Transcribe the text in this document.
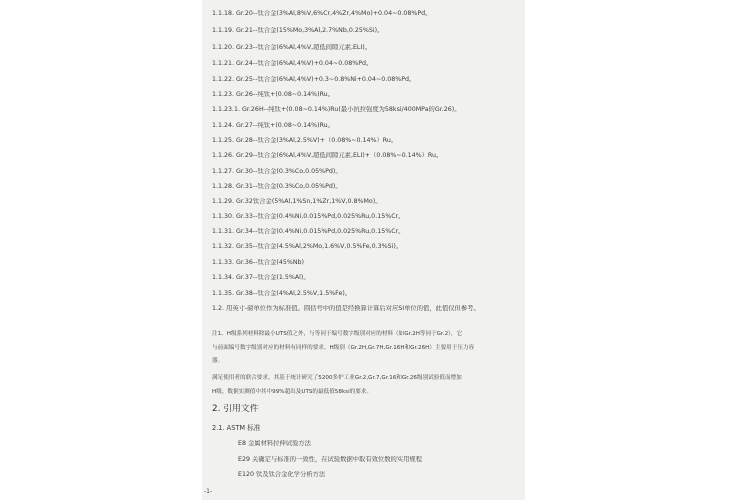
1.1.18. Gr.20--钛合金(3%Al,8%V,6%Cr,4%Zr,4%Mo)+0.04~0.08%Pd。

1.1.19. Gr.21--钛合金(15%Mo,3%Al,2.7%Nb,0.25%Si)。

1.1.20. Gr.23--钛合金(6%Al,4%V,超低间隙元素,ELI)。

1.1.21. Gr.24--钛合金(6%Al,4%V)+0.04~0.08%Pd。

1.1.22. Gr.25--钛合金(6%Al,4%V)+0.3~0.8%Ni+0.04~0.08%Pd。

1.1.23. Gr.26--纯钛+(0.08~0.14%)Ru。

1.1.23.1. Gr.26H--纯钛+(0.08~0.14%)Ru(最小抗拉强度为58ksi/400MPa的Gr.26)。

1.1.24. Gr.27--纯钛+(0.08~0.14%)Ru。

1.1.25. Gr.28--钛合金(3%Al,2.5%V)+（0.08%~0.14%）Ru。

1.1.26. Gr.29--钛合金(6%Al,4%V,超低间隙元素,ELI)+（0.08%~0.14%）Ru。

1.1.27. Gr.30--钛合金(0.3%Co,0.05%Pd)。

1.1.28. Gr.31--钛合金(0.3%Co,0.05%Pd)。

1.1.29. Gr.32钛合金(5%Al,1%Sn,1%Zr,1%V,0.8%Mo)。

1.1.30. Gr.33--钛合金(0.4%Ni,0.015%Pd,0.025%Ru,0.15%Cr。

1.1.31. Gr.34--钛合金(0.4%Ni,0.015%Pd,0.025%Ru,0.15%Cr。

1.1.32. Gr.35--钛合金(4.5%Al,2%Mo,1.6%V,0.5%Fe,0.3%Si)。

1.1.33. Gr.36--钛合金(45%Nb)

1.1.34. Gr.37--钛合金(1.5%Al)。

1.1.35. Gr.38--钛合金(4%Al,2.5%V,1.5%Fe)。

1.2. 用英寸-磅单位作为标准值。圆括号中的值是经换算计算后对应SI单位的值，此值仅但参考。

注1、H级系列材料除最小UTS值之外，与等同于编号数字级别对应的材料（如Gr.2H等同于Gr.2），它

与前面编号数字级别对应的材料有同样的要求。H级别（Gr.2H,Gr.7H,Gr.16H和Gr.26H）主要用于压力容

器。

满足使用者的联合要求，其基于统计研究了5200多炉工业Gr.2,Gr.7,Gr.16和Gr.26级别试验值而增加

H级。数据实测值中其中99%超出及UTS的最低值58ksi的要求。

2. 引用文件

2.1. ASTM 标准

E8 金属材料拉伸试验方法

E29 关确定与标准的一致性，在试验数据中取有效位数的实用规程

E120 钛及钛合金化学分析方法

-1-
